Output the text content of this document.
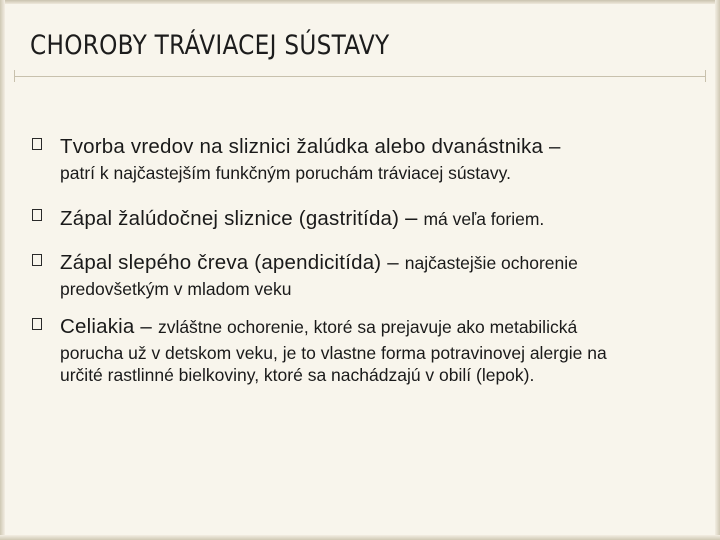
CHOROBY TRÁVIACEJ SÚSTAVY
Tvorba vredov na sliznici žalúdka alebo dvanástnika –
patrí k najčastejším funkčným poruchám tráviacej sústavy.
Zápal žalúdočnej sliznice (gastritída) – má veľa foriem.
Zápal slepého čreva (apendicitída) – najčastejšie ochorenie
predovšetkým v mladom veku
Celiakia – zvláštne ochorenie, ktoré sa prejavuje ako metabilická
porucha už v detskom veku, je to vlastne forma potravinovej alergie na
určité rastlinné bielkoviny, ktoré sa nachádzajú v obilí (lepok).
